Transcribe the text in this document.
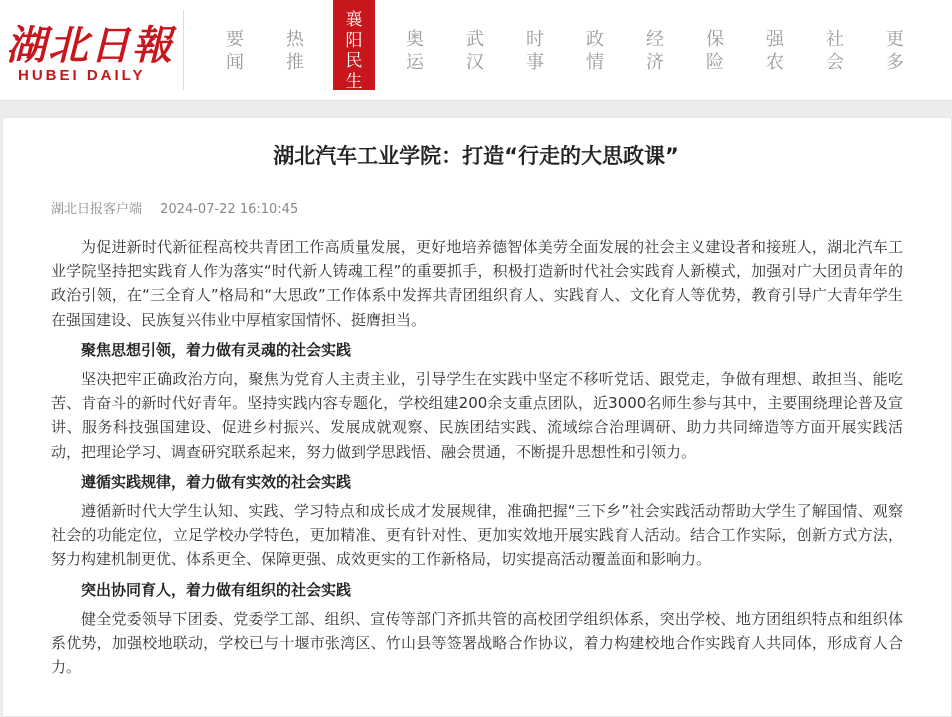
湖北日報
HUBEI DAILY
要闻
热推
襄阳民生
奥运
武汉
时事
政情
经济
保险
强农
社会
更多
湖北汽车工业学院：打造“行走的大思政课”
湖北日报客户端 2024-07-22 16:10:45

为促进新时代新征程高校共青团工作高质量发展，更好地培养德智体美劳全面发展的社会主义建设者和接班人，湖北汽车工业学院坚持把实践育人作为落实“时代新人铸魂工程”的重要抓手，积极打造新时代社会实践育人新模式，加强对广大团员青年的政治引领，在“三全育人”格局和“大思政”工作体系中发挥共青团组织育人、实践育人、文化育人等优势，教育引导广大青年学生在强国建设、民族复兴伟业中厚植家国情怀、挺膺担当。

聚焦思想引领，着力做有灵魂的社会实践

坚决把牢正确政治方向，聚焦为党育人主责主业，引导学生在实践中坚定不移听党话、跟党走，争做有理想、敢担当、能吃苦、肯奋斗的新时代好青年。坚持实践内容专题化，学校组建200余支重点团队，近3000名师生参与其中，主要围绕理论普及宣讲、服务科技强国建设、促进乡村振兴、发展成就观察、民族团结实践、流域综合治理调研、助力共同缔造等方面开展实践活动，把理论学习、调查研究联系起来，努力做到学思践悟、融会贯通，不断提升思想性和引领力。

遵循实践规律，着力做有实效的社会实践

遵循新时代大学生认知、实践、学习特点和成长成才发展规律，准确把握“三下乡”社会实践活动帮助大学生了解国情、观察社会的功能定位，立足学校办学特色，更加精准、更有针对性、更加实效地开展实践育人活动。结合工作实际，创新方式方法，努力构建机制更优、体系更全、保障更强、成效更实的工作新格局，切实提高活动覆盖面和影响力。

突出协同育人，着力做有组织的社会实践

健全党委领导下团委、党委学工部、组织、宣传等部门齐抓共管的高校团学组织体系，突出学校、地方团组织特点和组织体系优势，加强校地联动，学校已与十堰市张湾区、竹山县等签署战略合作协议，着力构建校地合作实践育人共同体，形成育人合力。
